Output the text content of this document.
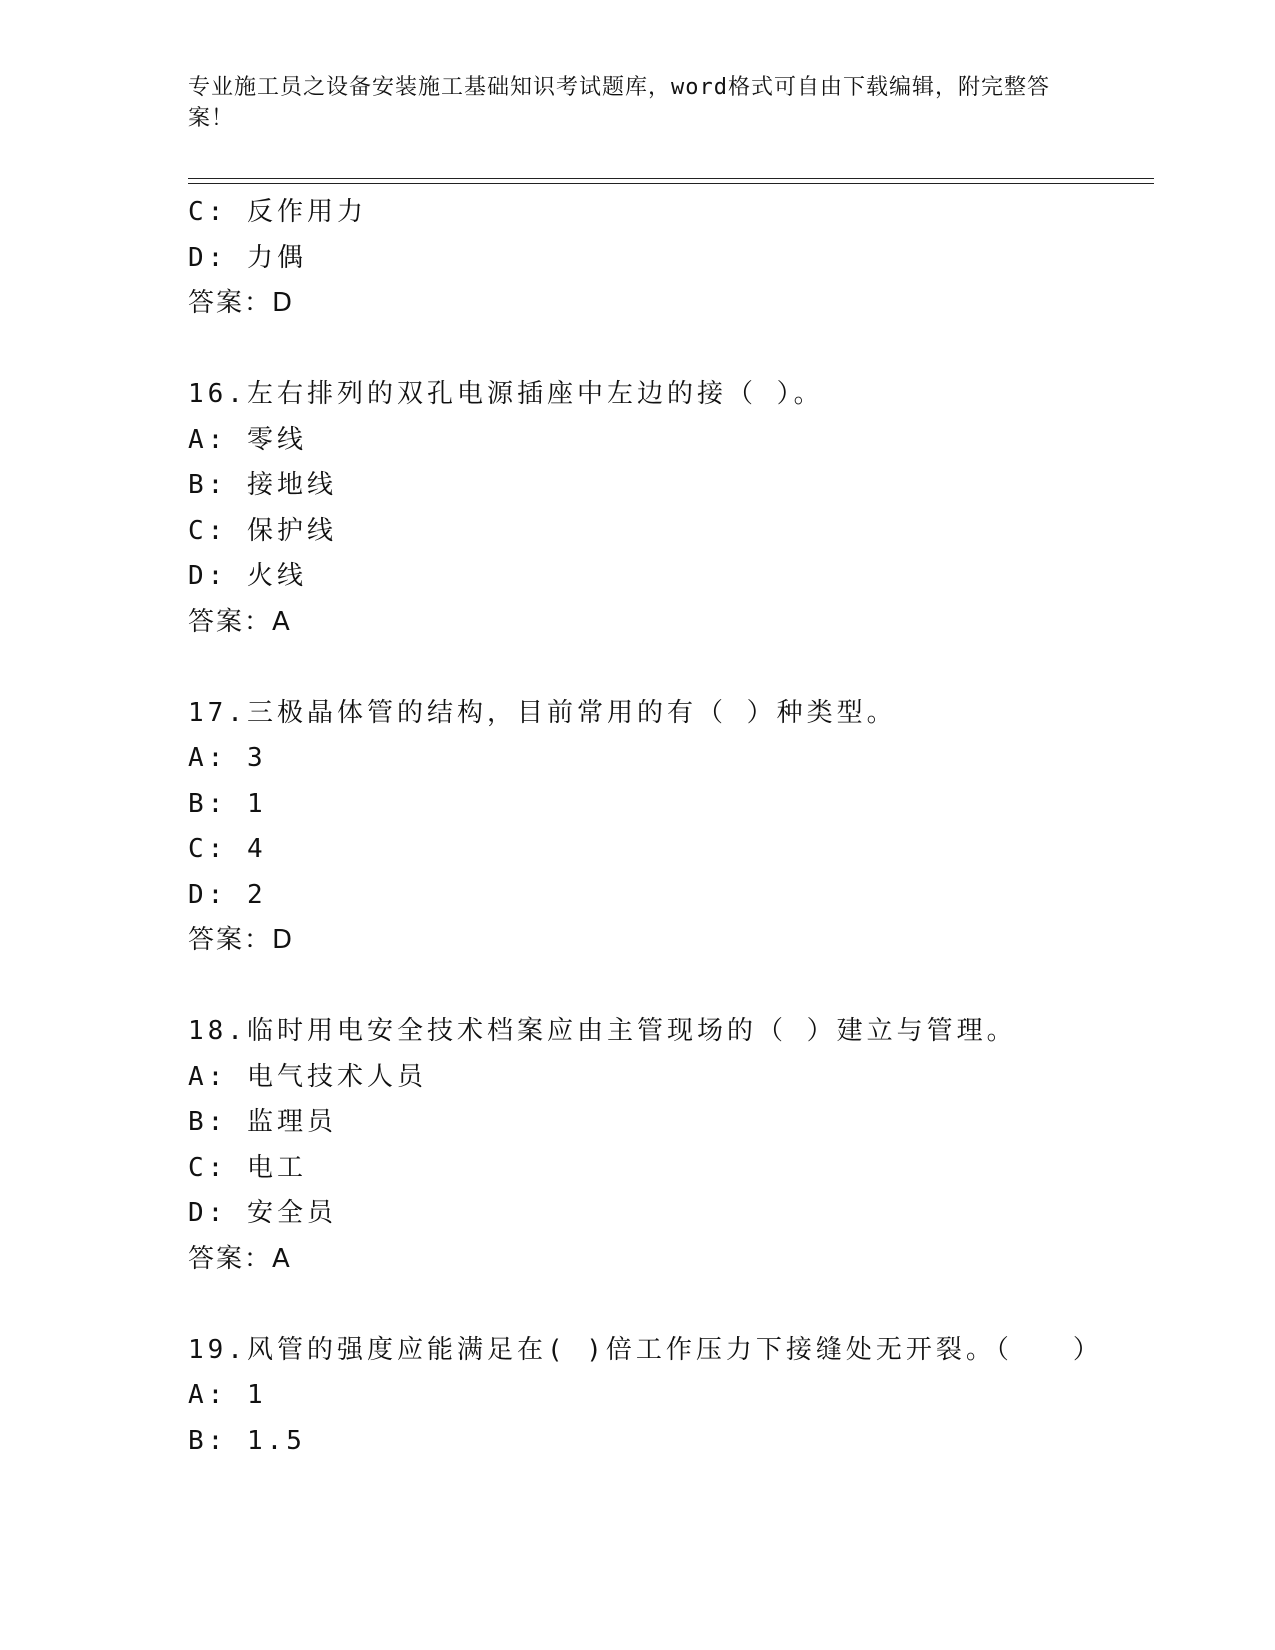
专业施工员之设备安装施工基础知识考试题库，word格式可自由下载编辑，附完整答案！
C: 反作用力
D: 力偶
答案：D
16.左右排列的双孔电源插座中左边的接（ ）。
A: 零线
B: 接地线
C: 保护线
D: 火线
答案：A
17.三极晶体管的结构，目前常用的有（ ）种类型。
A: 3
B: 1
C: 4
D: 2
答案：D
18.临时用电安全技术档案应由主管现场的（ ）建立与管理。
A: 电气技术人员
B: 监理员
C: 电工
D: 安全员
答案：A
19.风管的强度应能满足在( )倍工作压力下接缝处无开裂。（　　）
A: 1
B: 1.5
